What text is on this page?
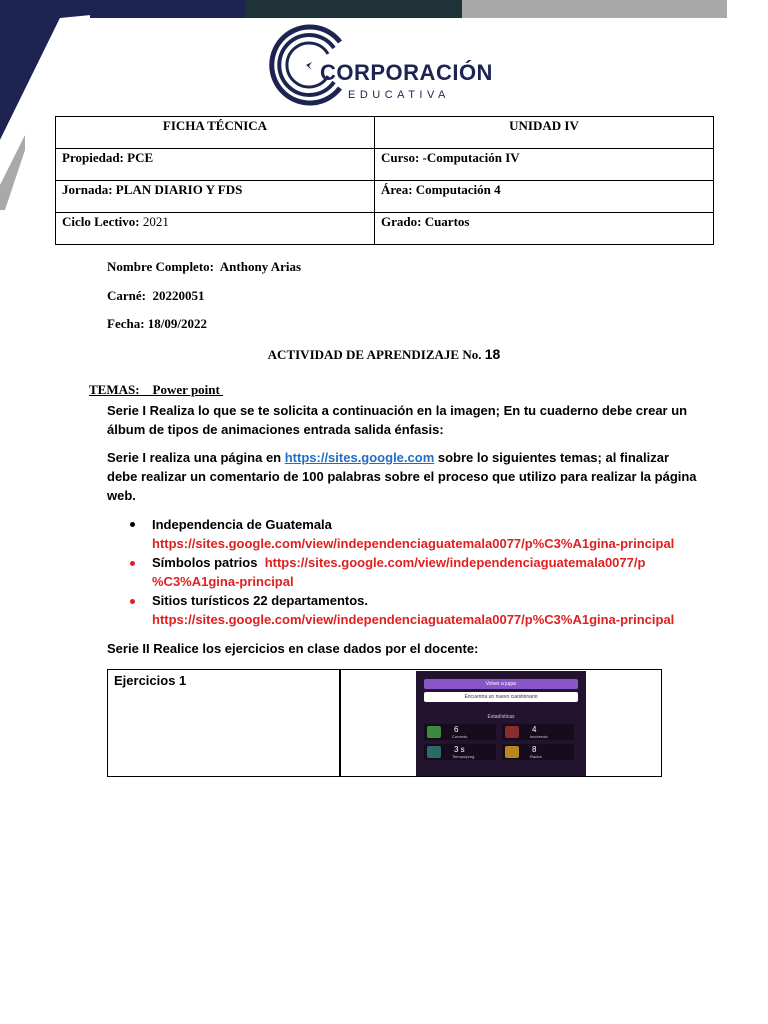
CORPORACIÓN
EDUCATIVA
FICHA TÉCNICA	UNIDAD IV
Propiedad: PCE	Curso: -Computación IV
Jornada: PLAN DIARIO Y FDS	Área: Computación 4
Ciclo Lectivo: 2021	Grado: Cuartos
Nombre Completo: Anthony Arias
Carné: 20220051
Fecha: 18/09/2022
ACTIVIDAD DE APRENDIZAJE No. 18
TEMAS:    Power point
Serie I Realiza lo que se te solicita a continuación en la imagen; En tu cuaderno debe crear un
álbum de tipos de animaciones entrada salida énfasis:
Serie I realiza una página en https://sites.google.com sobre lo siguientes temas; al finalizar
debe realizar un comentario de 100 palabras sobre el proceso que utilizo para realizar la página
web.
Independencia de Guatemala
https://sites.google.com/view/independenciaguatemala0077/p%C3%A1gina-principal
Símbolos patrios https://sites.google.com/view/independenciaguatemala0077/p
%C3%A1gina-principal
Sitios turísticos 22 departamentos.
https://sites.google.com/view/independenciaguatemala0077/p%C3%A1gina-principal
Serie II Realice los ejercicios en clase dados por el docente:
Ejercicios 1
		Volver a jugar
Encuentra un nuevo cuestionario
Estadísticas
6
Correcto
4
Incorrecto
3 s
Tiempo/preg
8
Racha
